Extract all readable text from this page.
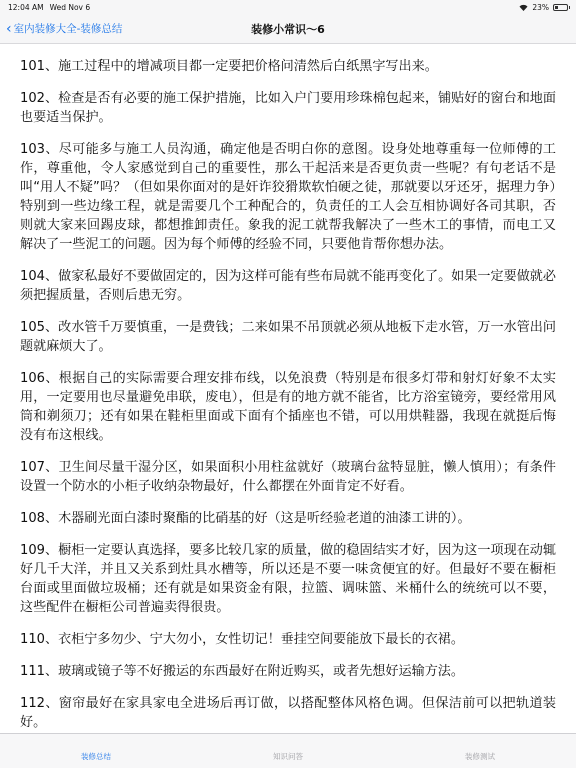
12:04 AM Wed Nov 6	23%
‹ 室内装修大全-装修总结	装修小常识～6

101、施工过程中的增减项目都一定要把价格问清然后白纸黑字写出来。

102、检查是否有必要的施工保护措施，比如入户门要用珍珠棉包起来，铺贴好的窗台和地面也要适当保护。

103、尽可能多与施工人员沟通，确定他是否明白你的意图。设身处地尊重每一位师傅的工作，尊重他，令人家感觉到自己的重要性，那么干起活来是否更负责一些呢？有句老话不是叫“用人不疑”吗？（但如果你面对的是奸诈狡猾欺软怕硬之徒，那就要以牙还牙，据理力争）特别到一些边缘工程，就是需要几个工种配合的，负责任的工人会互相协调好各司其职，否则就大家来回踢皮球，都想推卸责任。象我的泥工就帮我解决了一些木工的事情，而电工又解决了一些泥工的问题。因为每个师傅的经验不同，只要他肯帮你想办法。

104、做家私最好不要做固定的，因为这样可能有些布局就不能再变化了。如果一定要做就必须把握质量，否则后患无穷。

105、改水管千万要慎重，一是费钱；二来如果不吊顶就必须从地板下走水管，万一水管出问题就麻烦大了。

106、根据自己的实际需要合理安排布线，以免浪费（特别是布很多灯带和射灯好象不太实用，一定要用也尽量避免串联，废电），但是有的地方就不能省，比方浴室镜旁，要经常用风筒和剃须刀；还有如果在鞋柜里面或下面有个插座也不错，可以用烘鞋器，我现在就挺后悔没有布这根线。

107、卫生间尽量干湿分区，如果面积小用柱盆就好（玻璃台盆特显脏，懒人慎用）；有条件设置一个防水的小柜子收纳杂物最好，什么都摆在外面肯定不好看。

108、木器刷光面白漆时聚酯的比硝基的好（这是听经验老道的油漆工讲的）。

109、橱柜一定要认真选择，要多比较几家的质量，做的稳固结实才好，因为这一项现在动辄好几千大洋，并且又关系到灶具水槽等，所以还是不要一味贪便宜的好。但最好不要在橱柜台面或里面做垃圾桶；还有就是如果资金有限，拉篮、调味篮、米桶什么的统统可以不要，这些配件在橱柜公司普遍卖得很贵。

110、衣柜宁多勿少、宁大勿小，女性切记！垂挂空间要能放下最长的衣裙。

111、玻璃或镜子等不好搬运的东西最好在附近购买，或者先想好运输方法。

112、窗帘最好在家具家电全进场后再订做，以搭配整体风格色调。但保洁前可以把轨道装好。

装修总结	知识问答	装修测试
